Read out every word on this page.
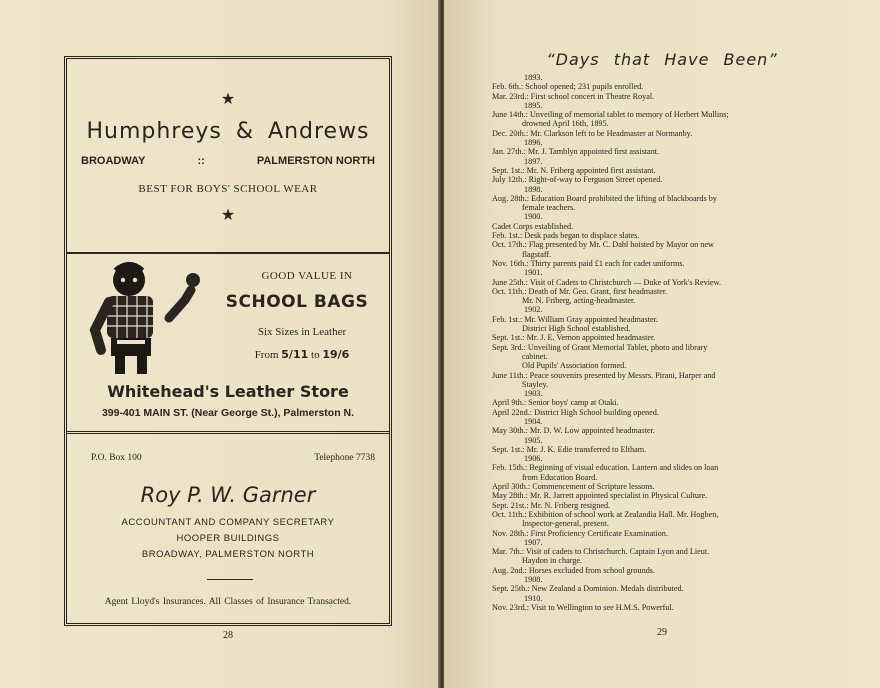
★
Humphreys & Andrews
BROADWAY	::	PALMERSTON NORTH
BEST FOR BOYS' SCHOOL WEAR
★
GOOD VALUE IN
SCHOOL BAGS
Six Sizes in Leather
From 5/11 to 19/6
Whitehead's Leather Store
399-401 MAIN ST. (Near George St.), Palmerston N.
P.O. Box 100	Telephone 7738
Roy P. W. Garner
ACCOUNTANT AND COMPANY SECRETARY
HOOPER BUILDINGS
BROADWAY, PALMERSTON NORTH
Agent Lloyd's Insurances. All Classes of Insurance Transacted.
28
“Days that Have Been”
1893.
Feb. 6th.: School opened; 231 pupils enrolled.
Mar. 23rd.: First school concert in Theatre Royal.
1895.
June 14th.: Unveiling of memorial tablet to memory of Herbert Mullins;
drowned April 16th, 1895.
Dec. 20th.: Mr. Clarkson left to be Headmaster at Normanby.
1896.
Jan. 27th.: Mr. J. Tamblyn appointed first assistant.
1897.
Sept. 1st.: Mr. N. Friberg appointed first assistant.
July 12th.: Right-of-way to Ferguson Street opened.
1898.
Aug. 28th.: Education Board prohibited the lifting of blackboards by
female teachers.
1900.
Cadet Corps established.
Feb. 1st.: Desk pads began to displace slates.
Oct. 17th.: Flag presented by Mr. C. Dahl hoisted by Mayor on new
flagstaff.
Nov. 16th.: Thirty parents paid £1 each for cadet uniforms.
1901.
June 25th.: Visit of Cadets to Christchurch — Duke of York's Review.
Oct. 11th.: Death of Mr. Geo. Grant, first headmaster.
Mr. N. Friberg, acting-headmaster.
1902.
Feb. 1st.: Mr. William Gray appointed headmaster.
District High School established.
Sept. 1st.: Mr. J. E. Vernon appointed headmaster.
Sept. 3rd.: Unveiling of Grant Memorial Tablet, photo and library
cabinet.
Old Pupils' Association formed.
June 11th.: Peace souvenirs presented by Messrs. Pirani, Harper and
Stayley.
1903.
April 9th.: Senior boys' camp at Otaki.
April 22nd.: District High School building opened.
1904.
May 30th.: Mr. D. W. Low appointed headmaster.
1905.
Sept. 1st.: Mr. J. K. Edie transferred to Eltham.
1906.
Feb. 15th.: Beginning of visual education. Lantern and slides on loan
from Education Board.
April 30th.: Commencement of Scripture lessons.
May 28th.: Mr. R. Jarrett appointed specialist in Physical Culture.
Sept. 21st.: Mr. N. Friberg resigned.
Oct. 11th.: Exhibition of school work at Zealandia Hall. Mr. Hogben,
Inspector-general, present.
Nov. 28th.: First Proficiency Certificate Examination.
1907.
Mar. 7th.: Visit of cadets to Christchurch. Captain Lyon and Lieut.
Haydon in charge.
Aug. 2nd.: Horses excluded from school grounds.
1908.
Sept. 25th.: New Zealand a Dominion. Medals distributed.
1910.
Nov. 23rd.: Visit to Wellington to see H.M.S. Powerful.
29
